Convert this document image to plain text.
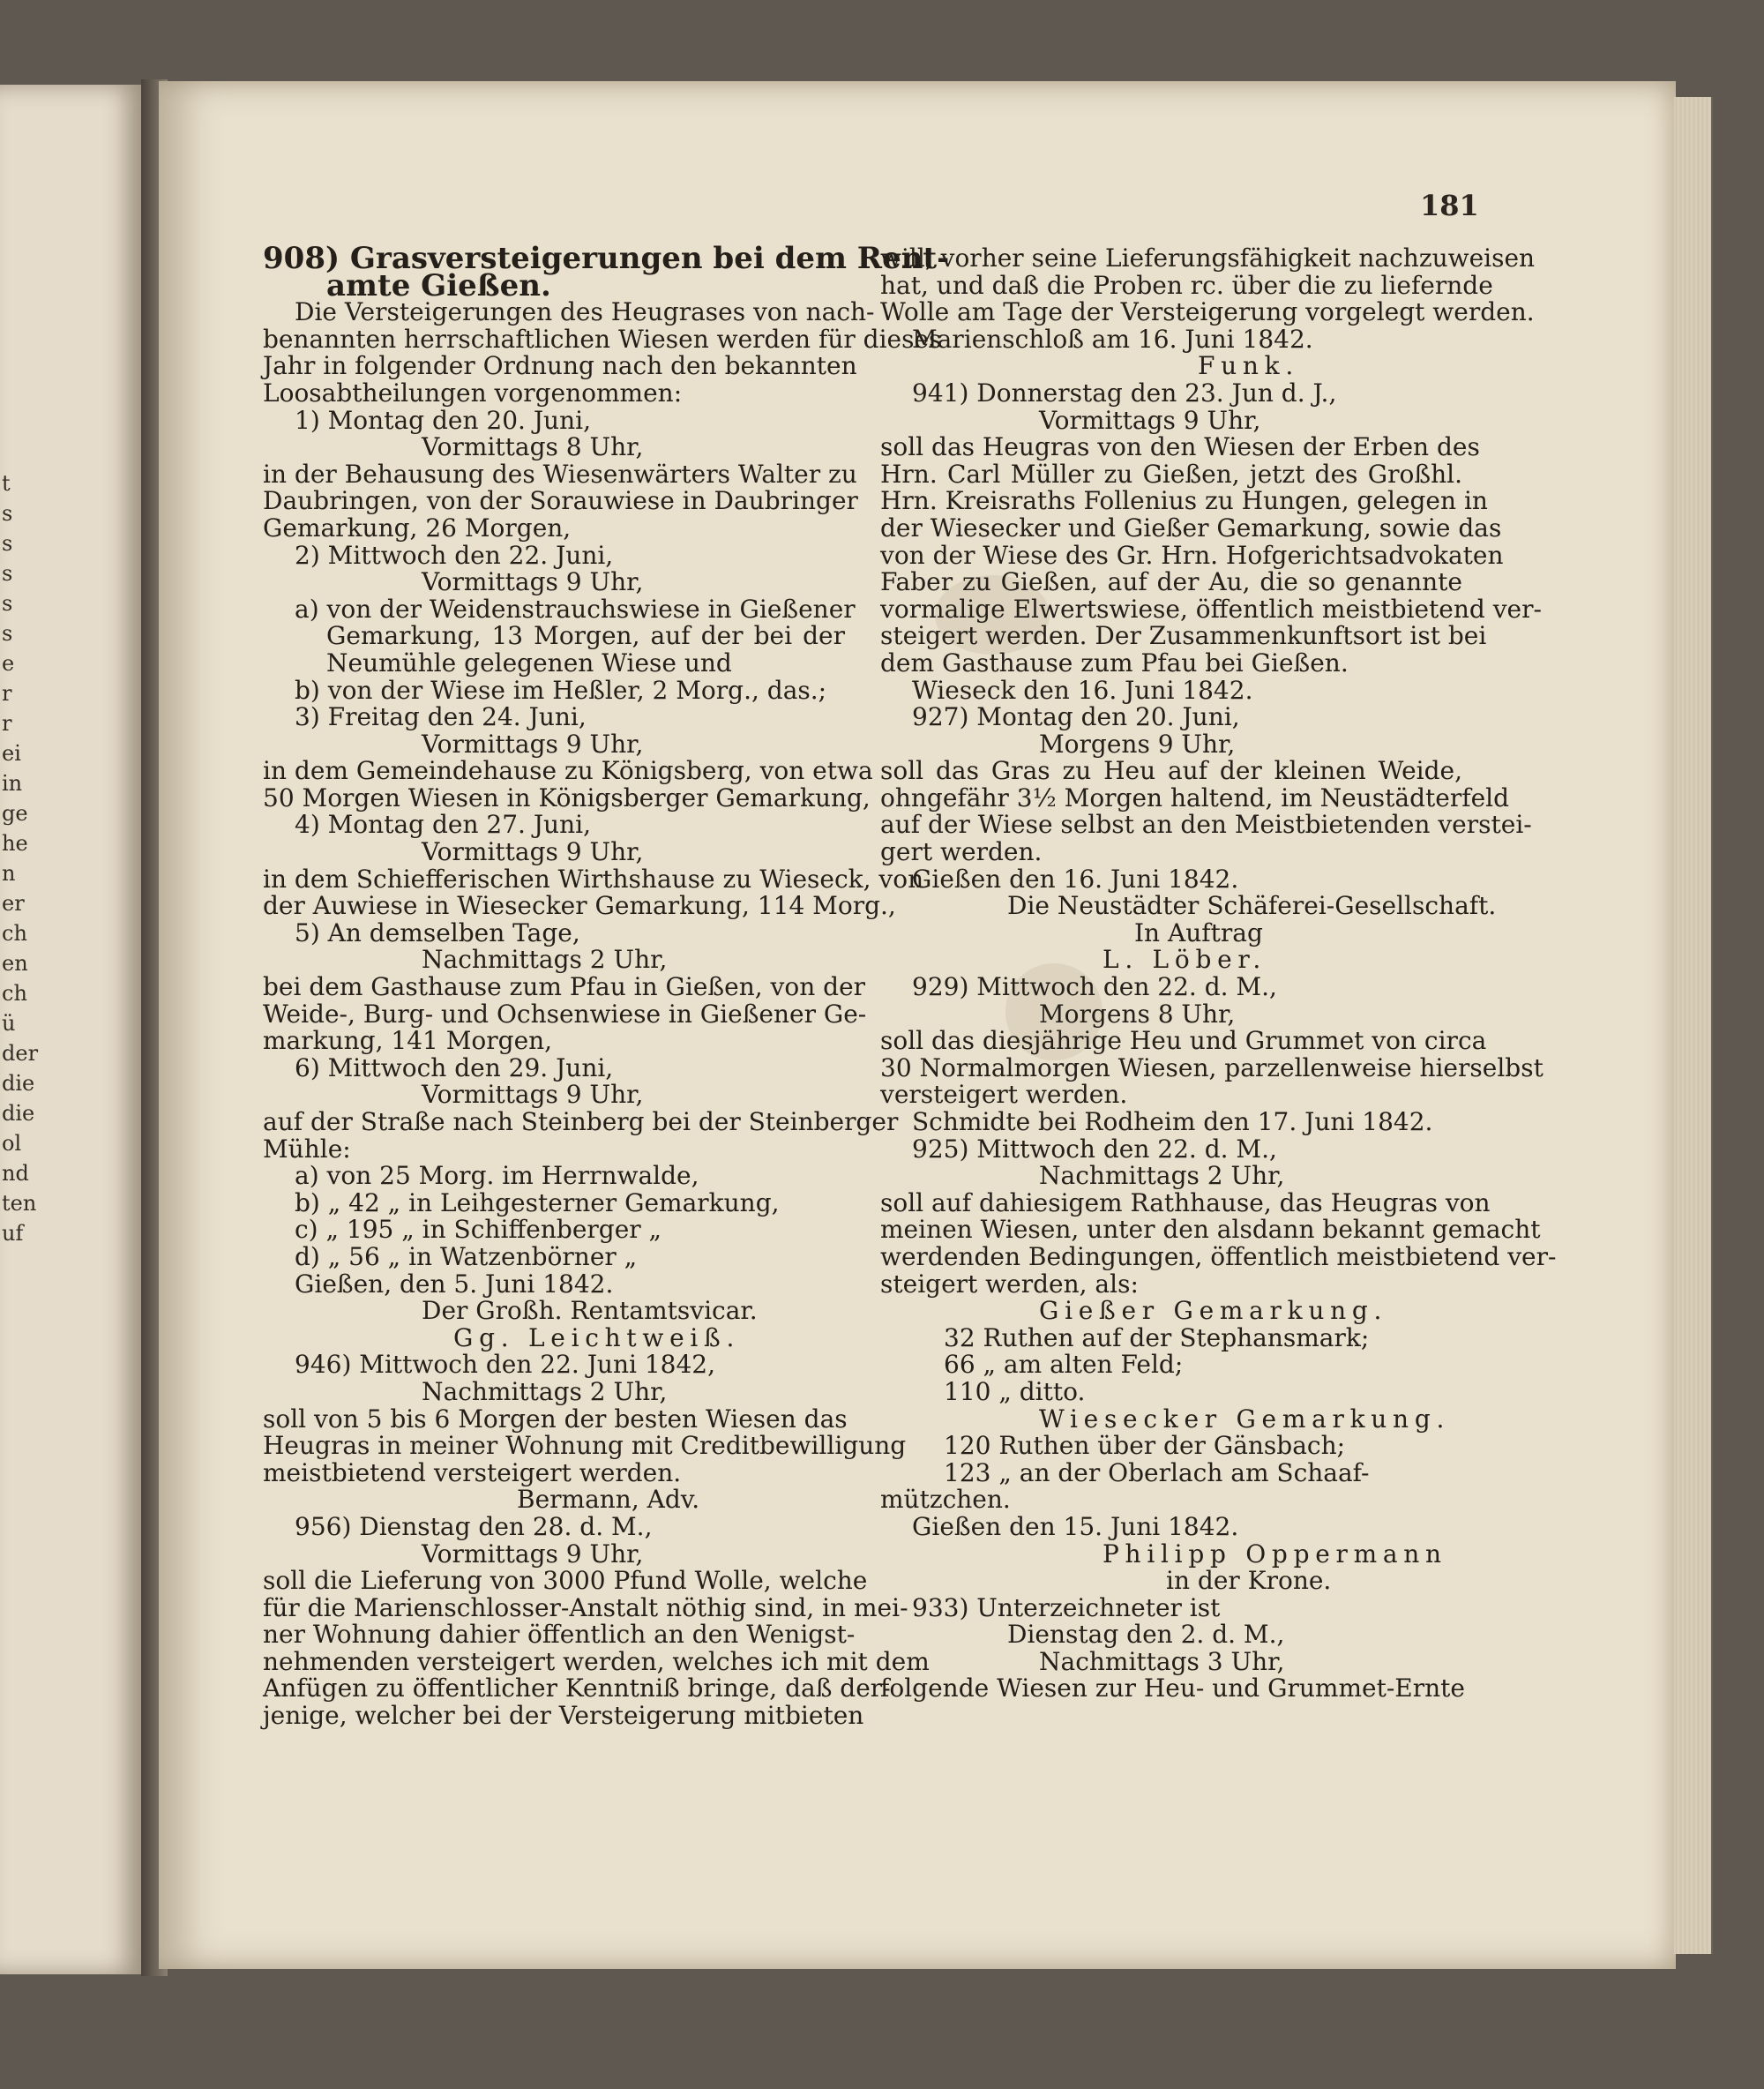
t
s
s
s
s
s
e
r
r
ei
in
ge
he
n
er
ch
en
ch
ü
der
die
die
ol
nd
ten
uf
181
908) Grasversteigerungen bei dem Rent-
amte Gießen.
Die Versteigerungen des Heugrases von nach-
benannten herrschaftlichen Wiesen werden für dieses
Jahr in folgender Ordnung nach den bekannten
Loosabtheilungen vorgenommen:
1) Montag den 20. Juni,
Vormittags 8 Uhr,
in der Behausung des Wiesenwärters Walter zu
Daubringen, von der Sorauwiese in Daubringer
Gemarkung, 26 Morgen,
2) Mittwoch den 22. Juni,
Vormittags 9 Uhr,
a) von der Weidenstrauchswiese in Gießener
Gemarkung, 13 Morgen, auf der bei der
Neumühle gelegenen Wiese und
b) von der Wiese im Heßler, 2 Morg., das.;
3) Freitag den 24. Juni,
Vormittags 9 Uhr,
in dem Gemeindehause zu Königsberg, von etwa
50 Morgen Wiesen in Königsberger Gemarkung,
4) Montag den 27. Juni,
Vormittags 9 Uhr,
in dem Schiefferischen Wirthshause zu Wieseck, von
der Auwiese in Wiesecker Gemarkung, 114 Morg.,
5) An demselben Tage,
Nachmittags 2 Uhr,
bei dem Gasthause zum Pfau in Gießen, von der
Weide-, Burg- und Ochsenwiese in Gießener Ge-
markung, 141 Morgen,
6) Mittwoch den 29. Juni,
Vormittags 9 Uhr,
auf der Straße nach Steinberg bei der Steinberger
Mühle:
a) von 25 Morg. im Herrnwalde,
b) „ 42 „ in Leihgesterner Gemarkung,
c) „ 195 „ in Schiffenberger „
d) „ 56 „ in Watzenbörner „
Gießen, den 5. Juni 1842.
Der Großh. Rentamtsvicar.
Gg. Leichtweiß.
946) Mittwoch den 22. Juni 1842,
Nachmittags 2 Uhr,
soll von 5 bis 6 Morgen der besten Wiesen das
Heugras in meiner Wohnung mit Creditbewilligung
meistbietend versteigert werden.
Bermann, Adv.
956) Dienstag den 28. d. M.,
Vormittags 9 Uhr,
soll die Lieferung von 3000 Pfund Wolle, welche
für die Marienschlosser-Anstalt nöthig sind, in mei-
ner Wohnung dahier öffentlich an den Wenigst-
nehmenden versteigert werden, welches ich mit dem
Anfügen zu öffentlicher Kenntniß bringe, daß der-
jenige, welcher bei der Versteigerung mitbieten
will, vorher seine Lieferungsfähigkeit nachzuweisen
hat, und daß die Proben rc. über die zu liefernde
Wolle am Tage der Versteigerung vorgelegt werden.
Marienschloß am 16. Juni 1842.
Funk.
941) Donnerstag den 23. Jun d. J.,
Vormittags 9 Uhr,
soll das Heugras von den Wiesen der Erben des
Hrn. Carl Müller zu Gießen, jetzt des Großhl.
Hrn. Kreisraths Follenius zu Hungen, gelegen in
der Wiesecker und Gießer Gemarkung, sowie das
von der Wiese des Gr. Hrn. Hofgerichtsadvokaten
Faber zu Gießen, auf der Au, die so genannte
vormalige Elwertswiese, öffentlich meistbietend ver-
steigert werden. Der Zusammenkunftsort ist bei
dem Gasthause zum Pfau bei Gießen.
Wieseck den 16. Juni 1842.
927) Montag den 20. Juni,
Morgens 9 Uhr,
soll das Gras zu Heu auf der kleinen Weide,
ohngefähr 3½ Morgen haltend, im Neustädterfeld
auf der Wiese selbst an den Meistbietenden verstei-
gert werden.
Gießen den 16. Juni 1842.
Die Neustädter Schäferei-Gesellschaft.
In Auftrag
L. Löber.
929) Mittwoch den 22. d. M.,
Morgens 8 Uhr,
soll das diesjährige Heu und Grummet von circa
30 Normalmorgen Wiesen, parzellenweise hierselbst
versteigert werden.
Schmidte bei Rodheim den 17. Juni 1842.
925) Mittwoch den 22. d. M.,
Nachmittags 2 Uhr,
soll auf dahiesigem Rathhause, das Heugras von
meinen Wiesen, unter den alsdann bekannt gemacht
werdenden Bedingungen, öffentlich meistbietend ver-
steigert werden, als:
Gießer Gemarkung.
32 Ruthen auf der Stephansmark;
66 „ am alten Feld;
110 „ ditto.
Wiesecker Gemarkung.
120 Ruthen über der Gänsbach;
123 „ an der Oberlach am Schaaf-
mützchen.
Gießen den 15. Juni 1842.
Philipp Oppermann
in der Krone.
933) Unterzeichneter ist
Dienstag den 2. d. M.,
Nachmittags 3 Uhr,
folgende Wiesen zur Heu- und Grummet-Ernte
